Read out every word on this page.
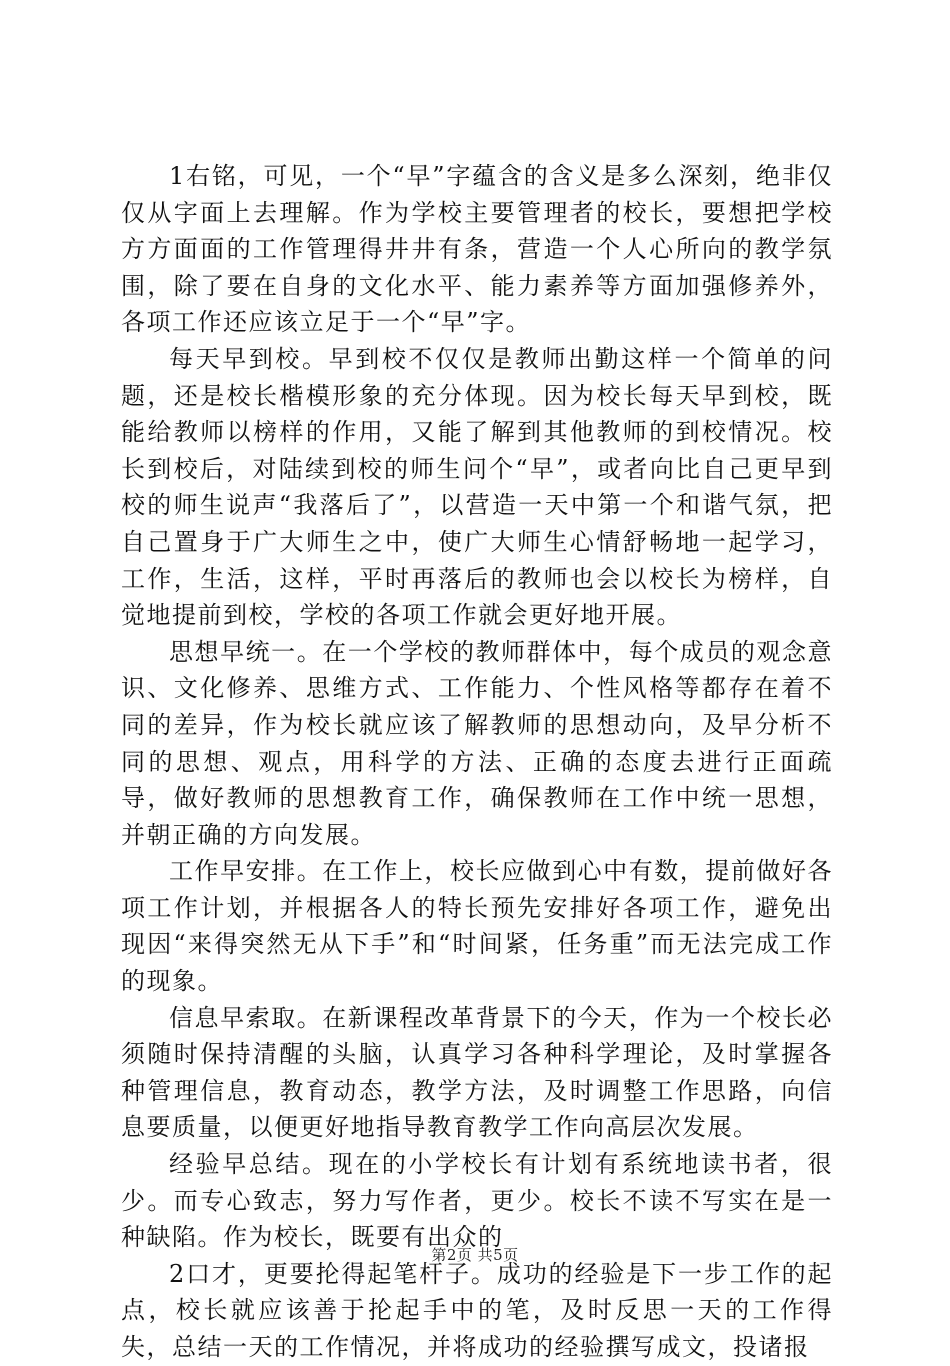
1右铭，可见，一个“早”字蕴含的含义是多么深刻，绝非仅仅从字面上去理解。作为学校主要管理者的校长，要想把学校方方面面的工作管理得井井有条，营造一个人心所向的教学氛围，除了要在自身的文化水平、能力素养等方面加强修养外，各项工作还应该立足于一个“早”字。

每天早到校。早到校不仅仅是教师出勤这样一个简单的问题，还是校长楷模形象的充分体现。因为校长每天早到校，既能给教师以榜样的作用，又能了解到其他教师的到校情况。校长到校后，对陆续到校的师生问个“早”，或者向比自己更早到校的师生说声“我落后了”，以营造一天中第一个和谐气氛，把自己置身于广大师生之中，使广大师生心情舒畅地一起学习，工作，生活，这样，平时再落后的教师也会以校长为榜样，自觉地提前到校，学校的各项工作就会更好地开展。

思想早统一。在一个学校的教师群体中，每个成员的观念意识、文化修养、思维方式、工作能力、个性风格等都存在着不同的差异，作为校长就应该了解教师的思想动向，及早分析不同的思想、观点，用科学的方法、正确的态度去进行正面疏导，做好教师的思想教育工作，确保教师在工作中统一思想，并朝正确的方向发展。

工作早安排。在工作上，校长应做到心中有数，提前做好各项工作计划，并根据各人的特长预先安排好各项工作，避免出现因“来得突然无从下手”和“时间紧，任务重”而无法完成工作的现象。

信息早索取。在新课程改革背景下的今天，作为一个校长必须随时保持清醒的头脑，认真学习各种科学理论，及时掌握各种管理信息，教育动态，教学方法，及时调整工作思路，向信息要质量，以便更好地指导教育教学工作向高层次发展。

经验早总结。现在的小学校长有计划有系统地读书者，很少。而专心致志，努力写作者，更少。校长不读不写实在是一种缺陷。作为校长，既要有出众的

2口才，更要抡得起笔杆子。成功的经验是下一步工作的起点，校长就应该善于抡起手中的笔，及时反思一天的工作得失，总结一天的工作情况，并将成功的经验撰写成文，投诸报

第2页 共5页
